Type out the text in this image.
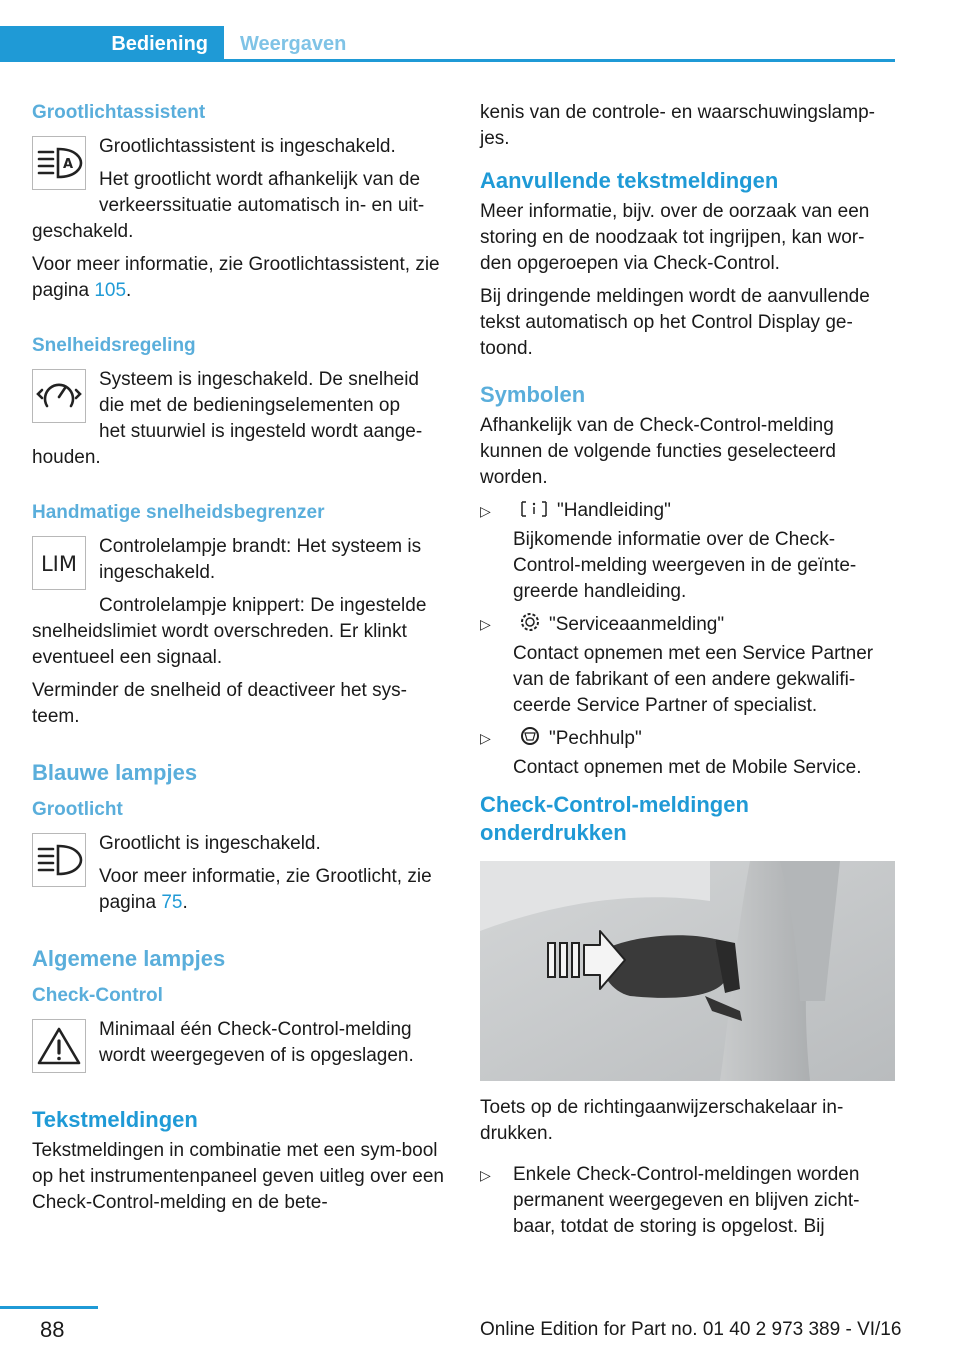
Bediening	Weergaven
Grootlichtassistent
A

Grootlichtassistent is ingeschakeld.

Het grootlicht wordt afhankelijk van de
verkeerssituatie automatisch in- en uit-

geschakeld.

Voor meer informatie, zie Grootlichtassistent, zie pagina 105.

Snelheidsregeling

Systeem is ingeschakeld. De snelheid
die met de bedieningselementen op
het stuurwiel is ingesteld wordt aange-

houden.

Handmatige snelheidsbegrenzer
LIM

Controlelampje brandt: Het systeem is
ingeschakeld.

Controlelampje knippert: De ingestelde

snelheidslimiet wordt overschreden. Er klinkt
eventueel een signaal.

Verminder de snelheid of deactiveer het sys-
teem.

Blauwe lampjes
Grootlicht

Grootlicht is ingeschakeld.

Voor meer informatie, zie Grootlicht, zie pagina 75.

Algemene lampjes
Check-Control

Minimaal één Check-Control-melding
wordt weergegeven of is opgeslagen.

Tekstmeldingen

Tekstmeldingen in combinatie met een sym-bool op het instrumentenpaneel geven uitleg over een Check-Control-melding en de bete-

kenis van de controle- en waarschuwingslamp-jes.

Aanvullende tekstmeldingen

Meer informatie, bijv. over de oorzaak van een storing en de noodzaak tot ingrijpen, kan wor-den opgeroepen via Check-Control.

Bij dringende meldingen wordt de aanvullende tekst automatisch op het Control Display ge-toond.

Symbolen

Afhankelijk van de Check-Control-melding kunnen de volgende functies geselecteerd worden.

▷	"Handleiding"
Bijkomende informatie over de Check-Control-melding weergeven in de geïnte-greerde handleiding.
▷	"Serviceaanmelding"
Contact opnemen met een Service Partner van de fabrikant of een andere gekwalifi-ceerde Service Partner of specialist.
▷	"Pechhulp"
Contact opnemen met de Mobile Service.
Check-Control-meldingen
onderdrukken

Toets op de richtingaanwijzerschakelaar in-drukken.

▷ Enkele Check-Control-meldingen worden permanent weergegeven en blijven zicht-baar, totdat de storing is opgelost. Bij
88	Online Edition for Part no. 01 40 2 973 389 - VI/16
